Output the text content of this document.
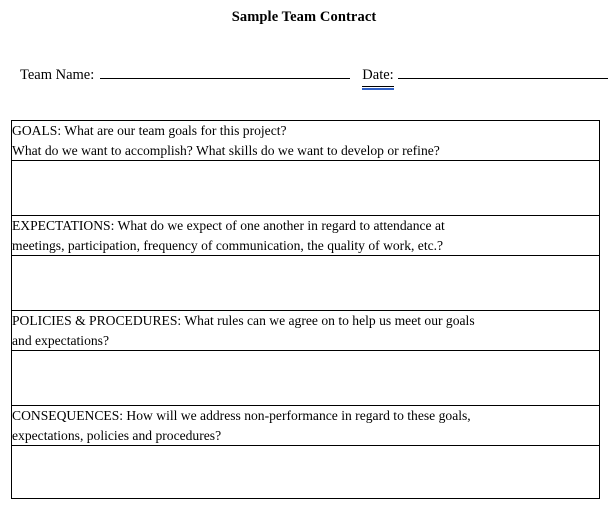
Sample Team Contract
Team Name:	Date:
GOALS: What are our team goals for this project?
What do we want to accomplish? What skills do we want to develop or refine?

EXPECTATIONS: What do we expect of one another in regard to attendance at
meetings, participation, frequency of communication, the quality of work, etc.?

POLICIES & PROCEDURES: What rules can we agree on to help us meet our goals
and expectations?

CONSEQUENCES: How will we address non-performance in regard to these goals,
expectations, policies and procedures?
